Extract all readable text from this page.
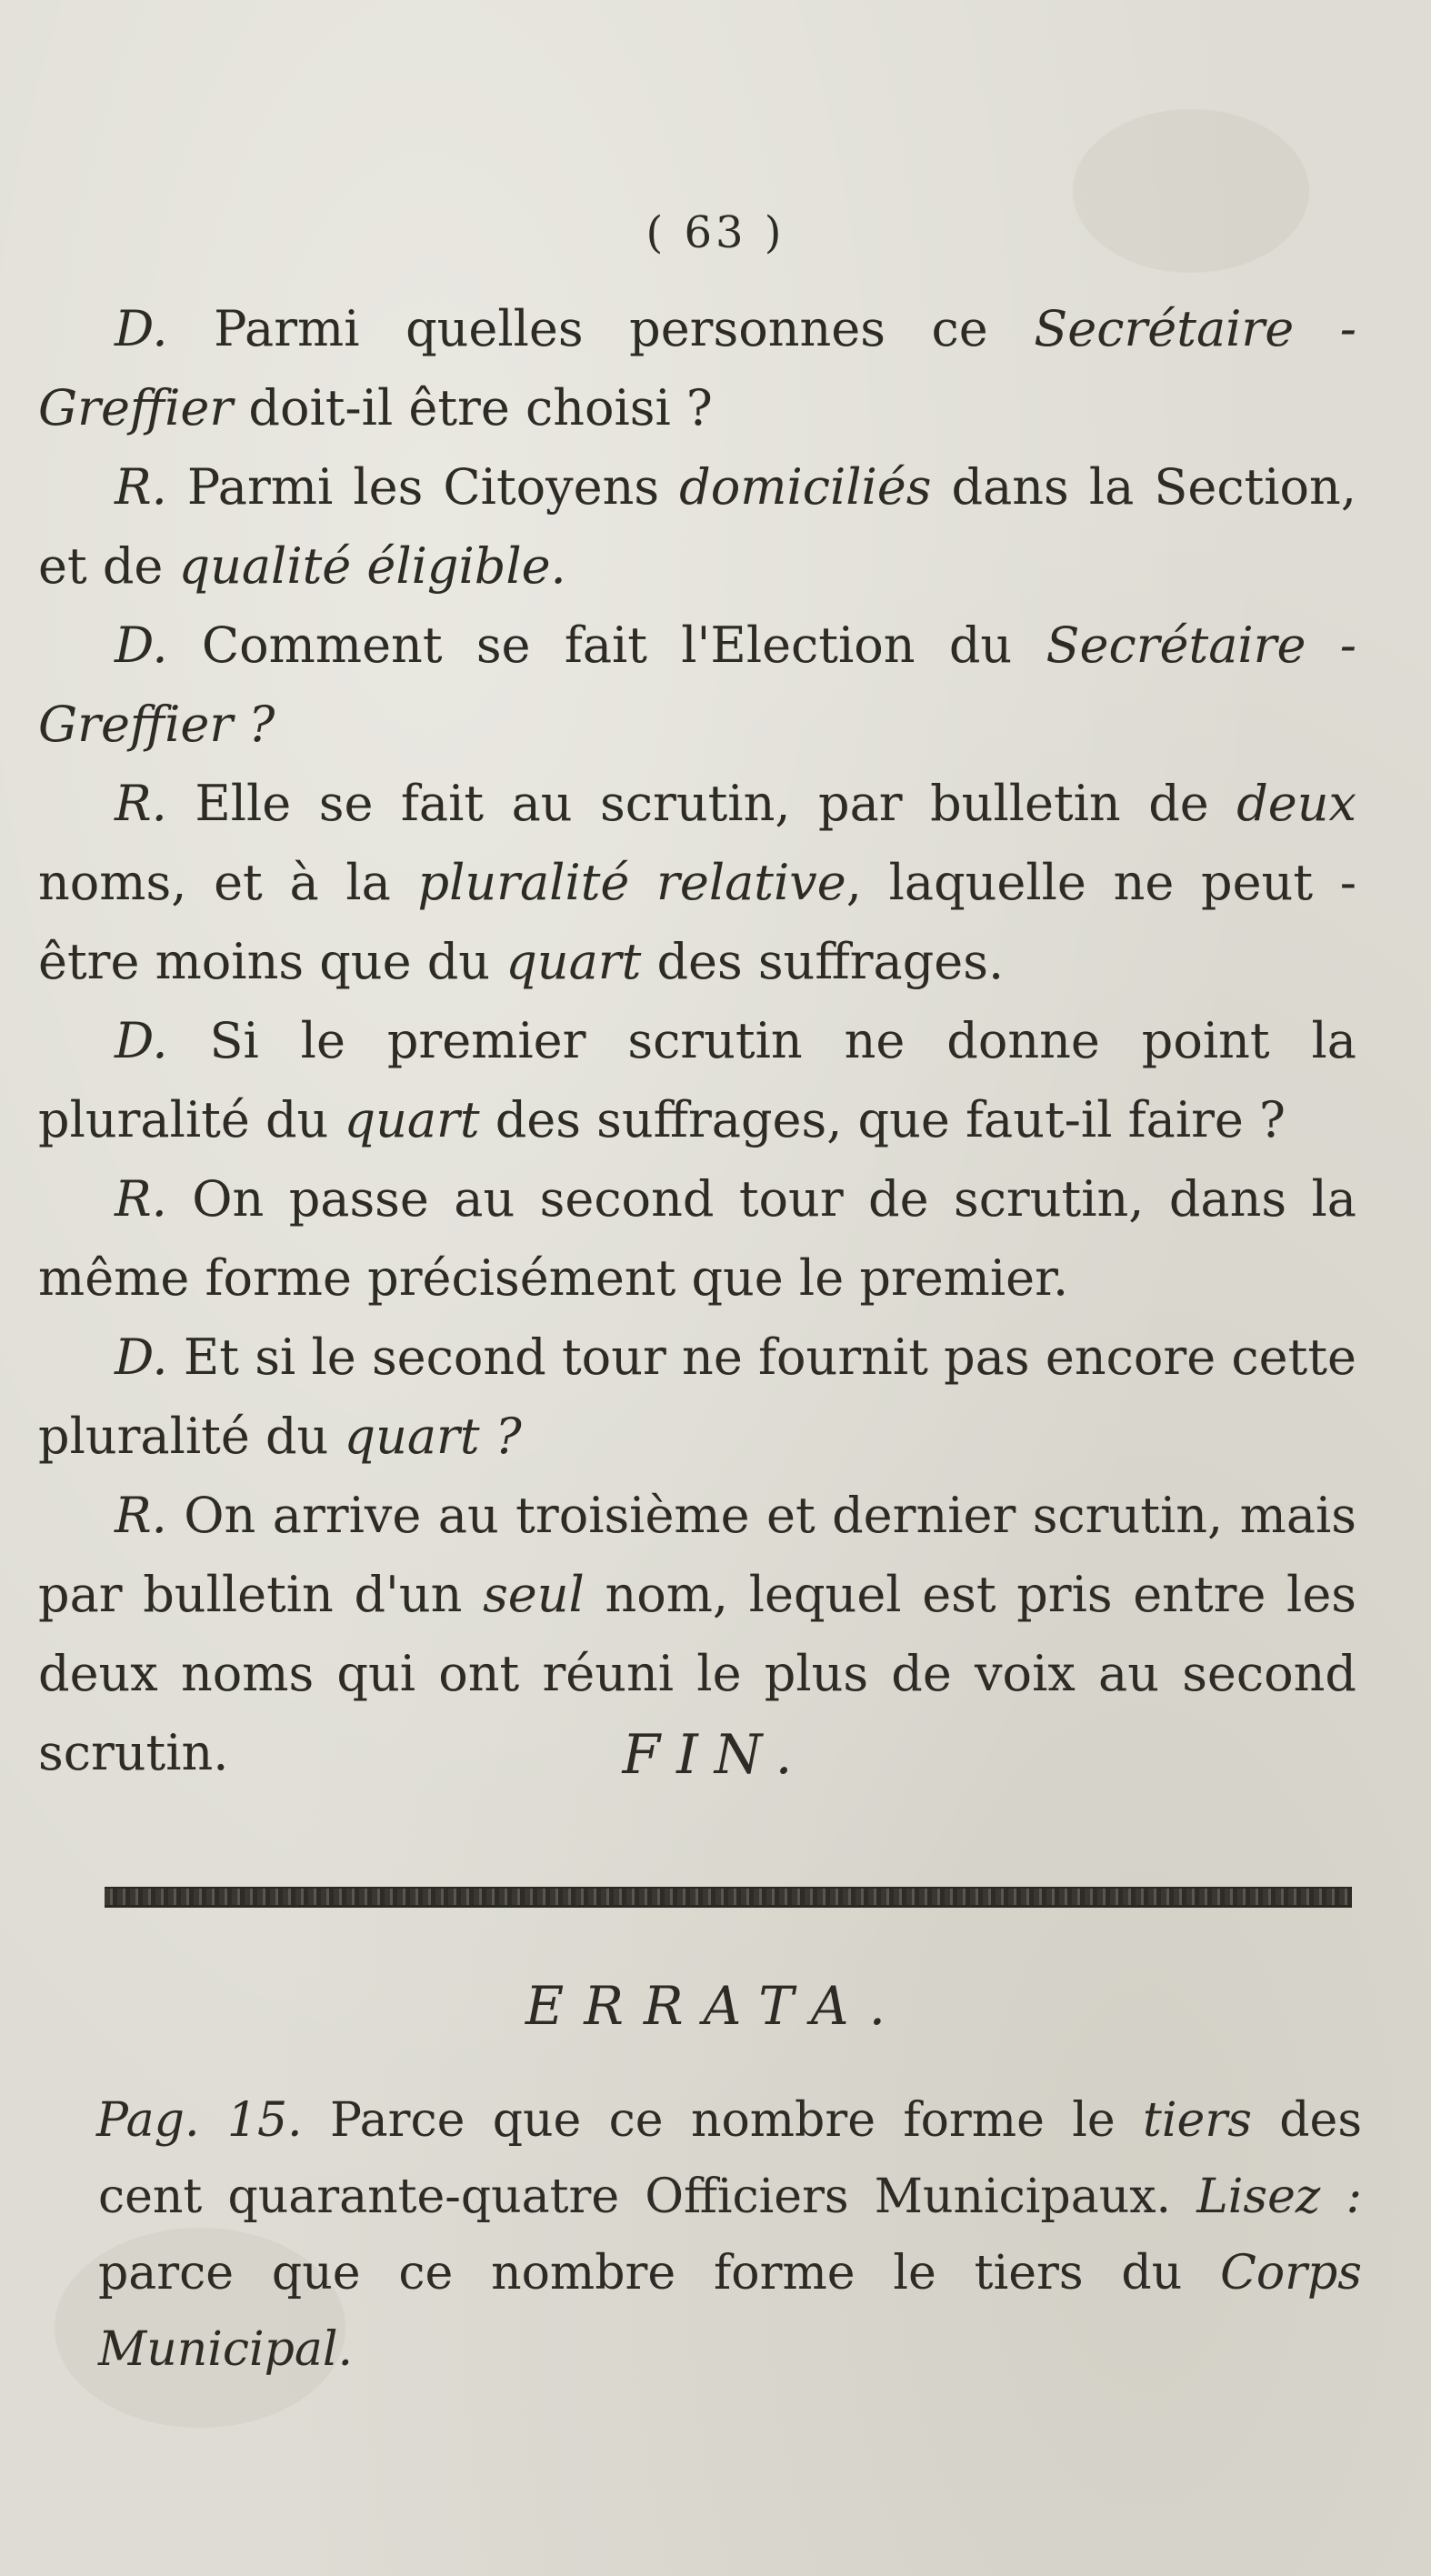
( 63 )

D. Parmi quelles personnes ce Secrétaire - Greffier doit-il être choisi ?

R. Parmi les Citoyens domiciliés dans la Section, et de qualité éligible.

D. Comment se fait l'Election du Secrétaire - Greffier ?

R. Elle se fait au scrutin, par bulletin de deux noms, et à la pluralité relative, laquelle ne peut - être moins que du quart des suffrages.

D. Si le premier scrutin ne donne point la pluralité du quart des suffrages, que faut-il faire ?

R. On passe au second tour de scrutin, dans la même forme précisément que le premier.

D. Et si le second tour ne fournit pas encore cette pluralité du quart ?

R. On arrive au troisième et dernier scrutin, mais par bulletin d'un seul nom, lequel est pris entre les deux noms qui ont réuni le plus de voix au second scrutin.	FIN.
ERRATA.

Pag. 15. Parce que ce nombre forme le tiers des cent quarante-quatre Officiers Municipaux. Lisez : parce que ce nombre forme le tiers du Corps Municipal.
